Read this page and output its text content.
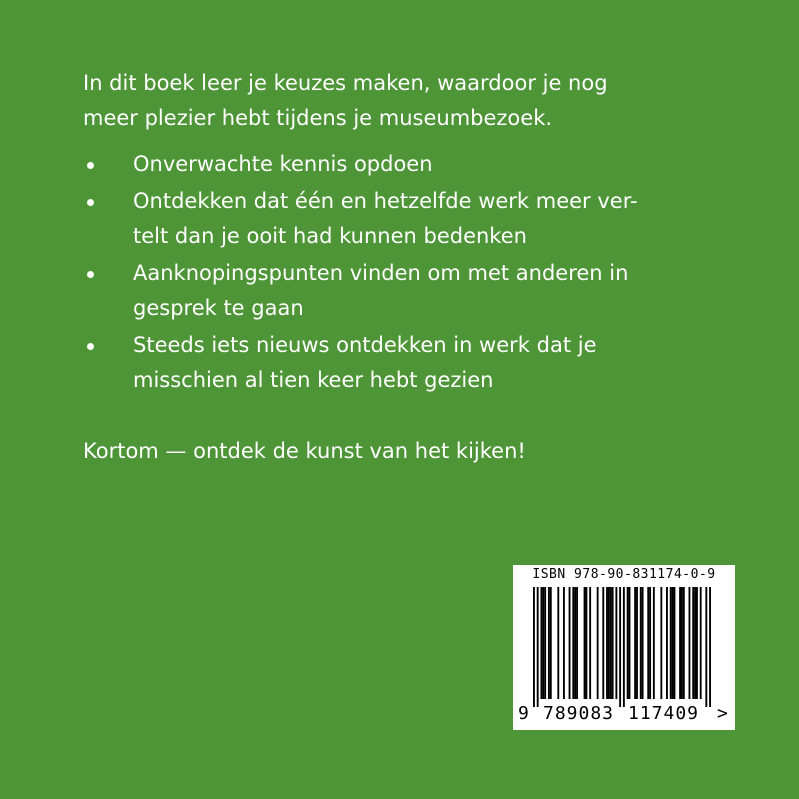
In dit boek leer je keuzes maken, waardoor je nog
meer plezier hebt tijdens je museumbezoek.
Onverwachte kennis opdoen
Ontdekken dat één en hetzelfde werk meer ver-
telt dan je ooit had kunnen bedenken
Aanknopingspunten vinden om met anderen in
gesprek te gaan
Steeds iets nieuws ontdekken in werk dat je
misschien al tien keer hebt gezien

Kortom — ontdek de kunst van het kijken!

ISBN 978-90-831174-0-9
9 789083 117409 >
